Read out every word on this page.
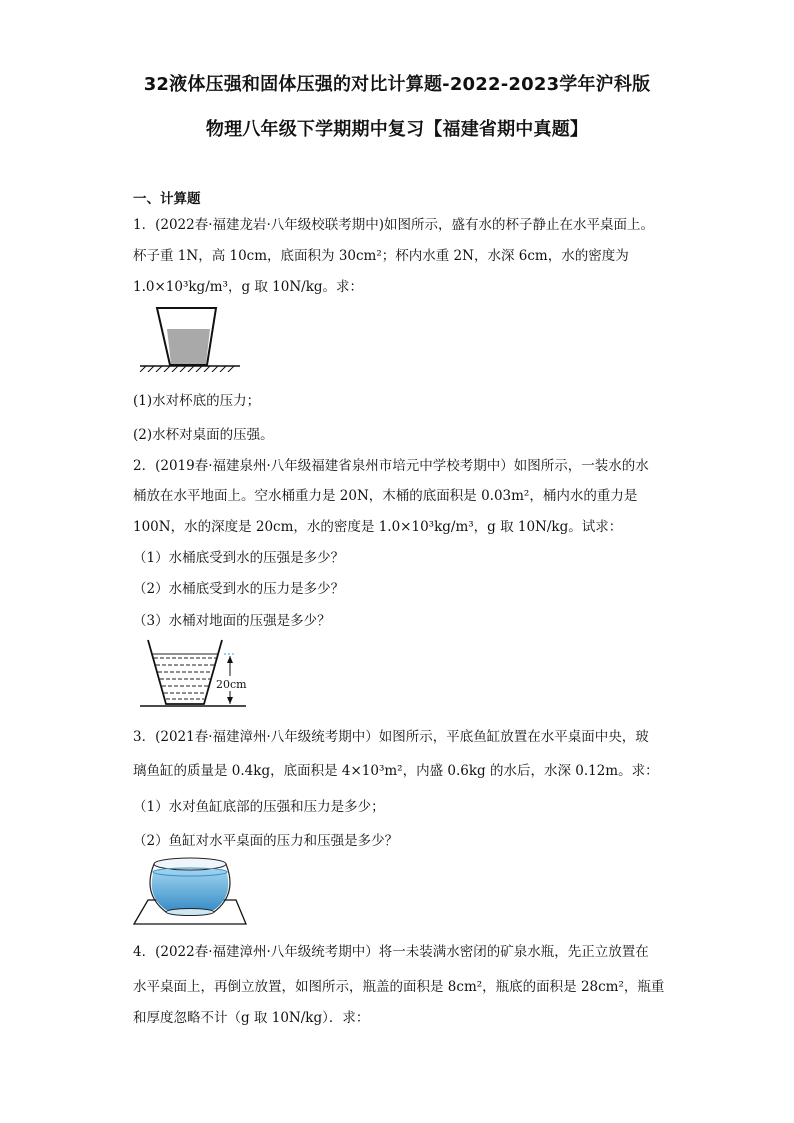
32液体压强和固体压强的对比计算题-2022-2023学年沪科版
物理八年级下学期期中复习【福建省期中真题】
一、计算题
1．(2022春·福建龙岩·八年级校联考期中)如图所示，盛有水的杯子静止在水平桌面上。
杯子重 1N，高 10cm，底面积为 30cm²；杯内水重 2N，水深 6cm，水的密度为
1.0×10³kg/m³，g 取 10N/kg。求：
(1)水对杯底的压力；
(2)水杯对桌面的压强。
2．(2019春·福建泉州·八年级福建省泉州市培元中学校考期中）如图所示，一装水的水
桶放在水平地面上。空水桶重力是 20N，木桶的底面积是 0.03m²，桶内水的重力是
100N，水的深度是 20cm，水的密度是 1.0×10³kg/m³，g 取 10N/kg。试求：
（1）水桶底受到水的压强是多少？
（2）水桶底受到水的压力是多少？
（3）水桶对地面的压强是多少？
20cm
3．(2021春·福建漳州·八年级统考期中）如图所示，平底鱼缸放置在水平桌面中央，玻
璃鱼缸的质量是 0.4kg，底面积是 4×10³m²，内盛 0.6kg 的水后，水深 0.12m。求：
（1）水对鱼缸底部的压强和压力是多少；
（2）鱼缸对水平桌面的压力和压强是多少？
4．(2022春·福建漳州·八年级统考期中）将一未装满水密闭的矿泉水瓶，先正立放置在
水平桌面上，再倒立放置，如图所示，瓶盖的面积是 8cm²，瓶底的面积是 28cm²，瓶重
和厚度忽略不计（g 取 10N/kg）．求：
